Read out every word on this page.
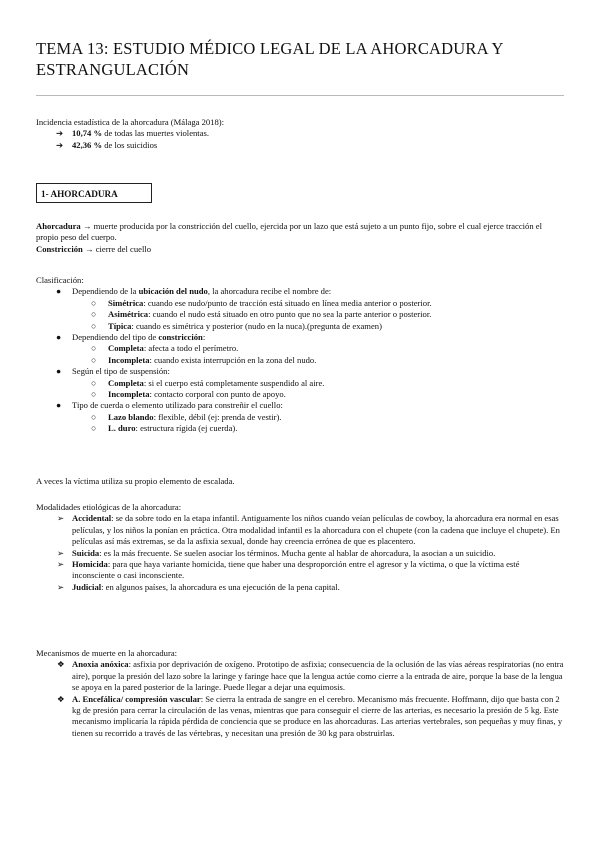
TEMA 13: ESTUDIO MÉDICO LEGAL DE LA AHORCADURA Y ESTRANGULACIÓN
Incidencia estadística de la ahorcadura (Málaga 2018):
➔	10,74 % de todas las muertes violentas.
➔	42,36 % de los suicidios
1- AHORCADURA
Ahorcadura → muerte producida por la constricción del cuello, ejercida por un lazo que está sujeto a un punto fijo, sobre el cual ejerce tracción el propio peso del cuerpo.
Constricción → cierre del cuello
Clasificación:
● Dependiendo de la ubicación del nudo, la ahorcadura recibe el nombre de:
○ Simétrica: cuando ese nudo/punto de tracción está situado en línea media anterior o posterior.
○ Asimétrica: cuando el nudo está situado en otro punto que no sea la parte anterior o posterior.
○ Típica: cuando es simétrica y posterior (nudo en la nuca).(pregunta de examen)
● Dependiendo del tipo de constricción:
○ Completa: afecta a todo el perímetro.
○ Incompleta: cuando exista interrupción en la zona del nudo.
● Según el tipo de suspensión:
○ Completa: si el cuerpo está completamente suspendido al aire.
○ Incompleta: contacto corporal con punto de apoyo.
● Tipo de cuerda o elemento utilizado para constreñir el cuello:
○ Lazo blando: flexible, débil (ej: prenda de vestir).
○ L. duro: estructura rígida (ej cuerda).
A veces la víctima utiliza su propio elemento de escalada.
Modalidades etiológicas de la ahorcadura:
➢ Accidental: se da sobre todo en la etapa infantil. Antiguamente los niños cuando veían películas de cowboy, la ahorcadura era normal en esas películas, y los niños la ponían en práctica. Otra modalidad infantil es la ahorcadura con el chupete (con la cadena que incluye el chupete). En películas así más extremas, se da la asfixia sexual, donde hay creencia errónea de que es placentero.
➢ Suicida: es la más frecuente. Se suelen asociar los términos. Mucha gente al hablar de ahorcadura, la asocian a un suicidio.
➢ Homicida: para que haya variante homicida, tiene que haber una desproporción entre el agresor y la víctima, o que la víctima esté inconsciente o casi inconsciente.
➢ Judicial: en algunos países, la ahorcadura es una ejecución de la pena capital.
Mecanismos de muerte en la ahorcadura:
❖ Anoxia anóxica: asfixia por deprivación de oxígeno. Prototipo de asfixia; consecuencia de la oclusión de las vías aéreas respiratorias (no entra aire), porque la presión del lazo sobre la laringe y faringe hace que la lengua actúe como cierre a la entrada de aire, porque la base de la lengua se apoya en la pared posterior de la laringe. Puede llegar a dejar una equimosis.
❖ A. Encefálica/ compresión vascular: Se cierra la entrada de sangre en el cerebro. Mecanismo más frecuente. Hoffmann, dijo que basta con 2 kg de presión para cerrar la circulación de las venas, mientras que para conseguir el cierre de las arterias, es necesario la presión de 5 kg. Este mecanismo implicaría la rápida pérdida de conciencia que se produce en las ahorcaduras. Las arterias vertebrales, son pequeñas y muy finas, y tienen su recorrido a través de las vértebras, y necesitan una presión de 30 kg para obstruirlas.
